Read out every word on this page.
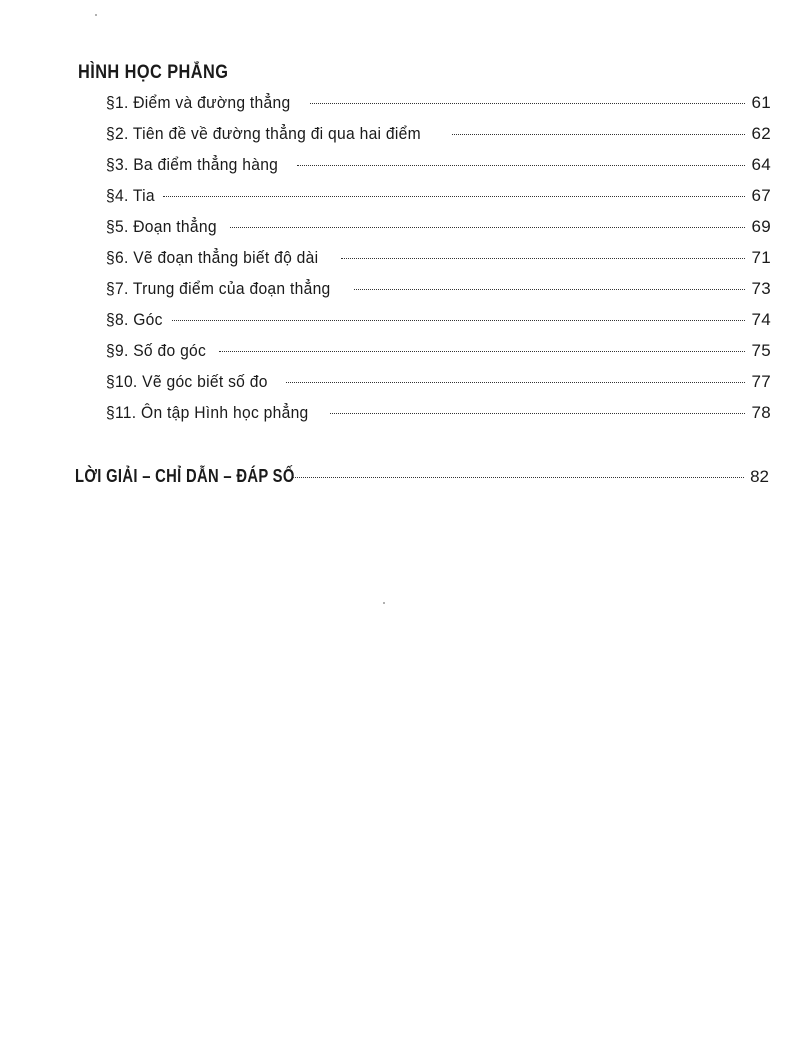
HÌNH HỌC PHẲNG
§1. Điểm và đường thẳng	61
§2. Tiên đề về đường thẳng đi qua hai điểm	62
§3. Ba điểm thẳng hàng	64
§4. Tia	67
§5. Đoạn thẳng	69
§6. Vẽ đoạn thẳng biết độ dài	71
§7. Trung điểm của đoạn thẳng	73
§8. Góc	74
§9. Số đo góc	75
§10. Vẽ góc biết số đo	77
§11. Ôn tập Hình học phẳng	78
LỜI GIẢI – CHỈ DẪN – ĐÁP SỐ	82
